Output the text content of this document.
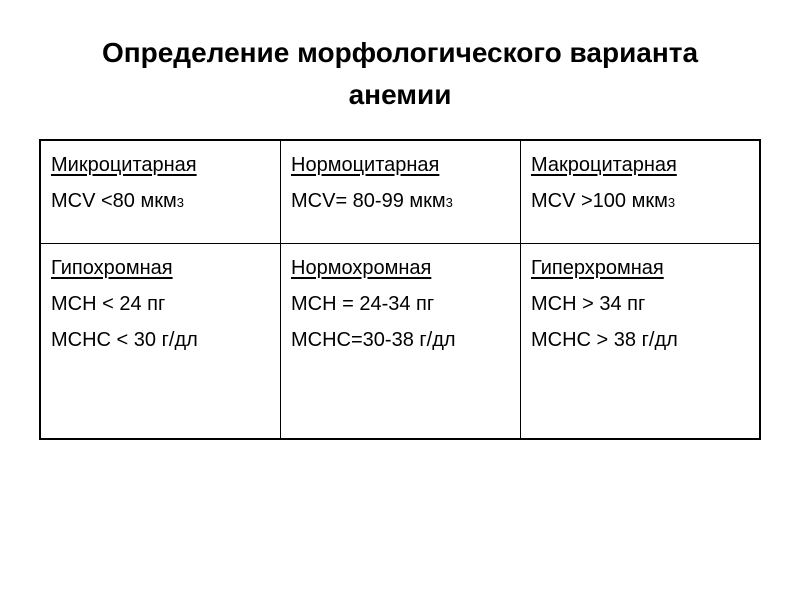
Определение морфологического варианта
анемии
Микроцитарная
MCV <80 мкм3
Нормоцитарная
MCV= 80-99 мкм3
Макроцитарная
MCV >100 мкм3
Гипохромная
MCH < 24 пг
MCHC < 30 г/дл
Нормохромная
MCH = 24-34 пг
MCHC=30-38 г/дл
Гиперхромная
MCH > 34 пг
MCHC > 38 г/дл
